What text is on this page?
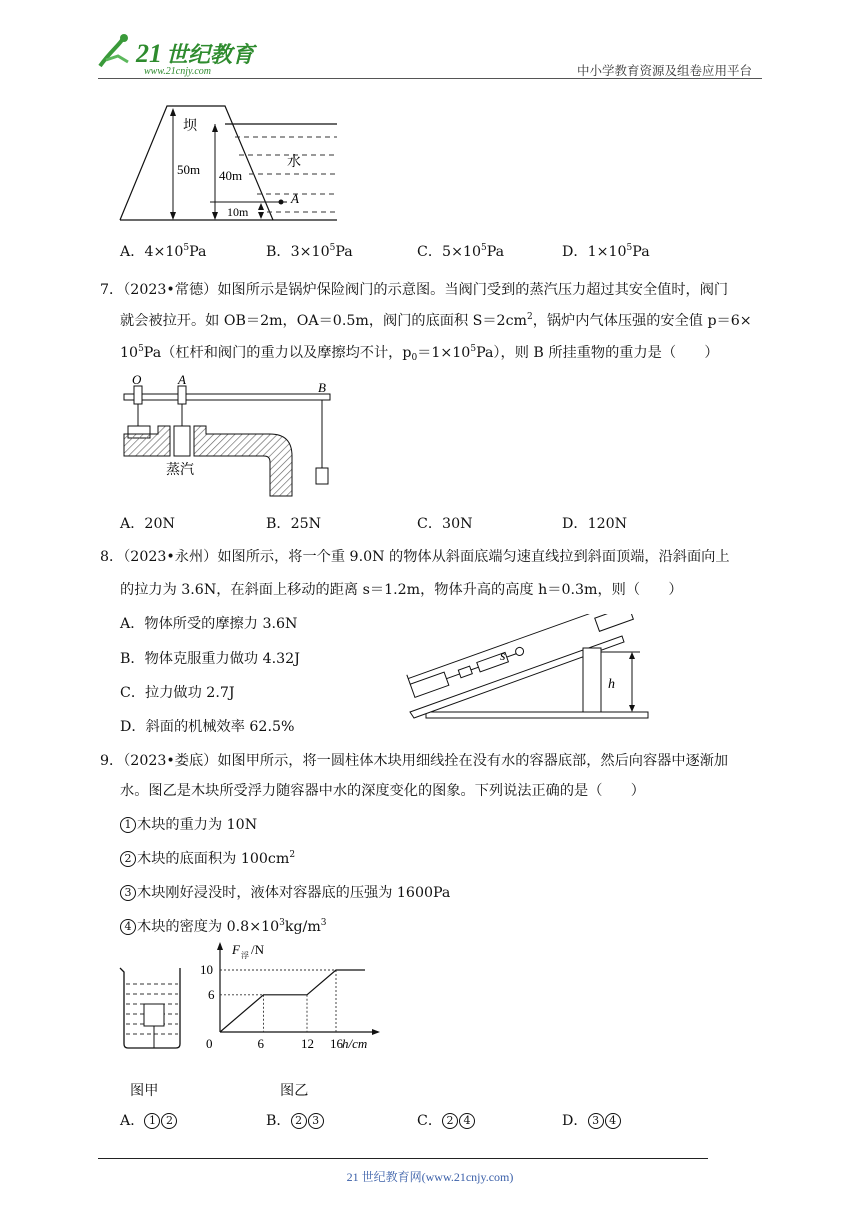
21 世纪教育
www.21cnjy.com	中小学教育资源及组卷应用平台
坝
水
50m 40m
10m
A
A．$4\times 10^5Pa$	B．$3\times 10^5Pa$	C．$5\times 10^5Pa$	D．$1\times 10^5Pa$
7．（2023•常德）如图所示是锅炉保险阀门的示意图。当阀门受到的蒸汽压力超过其安全值时，阀门
就会被拉开。如 OB＝2m，OA＝0.5m，阀门的底面积 $S=2cm^2$，锅炉内气体压强的安全值 p＝6×
$10^5Pa$（杠杆和阀门的重力以及摩擦均不计，$p_0=1\times 10^5Pa$），则 B 所挂重物的重力是（　　）
O	A
B
蒸汽
A．20N	B．25N	C．30N	D．120N
8．（2023•永州）如图所示，将一个重 9.0N 的物体从斜面底端匀速直线拉到斜面顶端，沿斜面向上
的拉力为 3.6N，在斜面上移动的距离 s＝1.2m，物体升高的高度 h＝0.3m，则（　　）
A．物体所受的摩擦力 3.6N
B．物体克服重力做功 4.32J
C．拉力做功 2.7J
D．斜面的机械效率 62.5%
h
s
9．（2023•娄底）如图甲所示，将一圆柱体木块用细线拴在没有水的容器底部，然后向容器中逐渐加
水。图乙是木块所受浮力随容器中水的深度变化的图象。下列说法正确的是（　　）
1 木块的重力为 10N
2 木块的底面积为 $100cm^2$
3 木块刚好浸没时，液体对容器底的压强为 1600Pa
4 木块的密度为 $0.8\times 10^3kg/m^3$
图甲
0	6	12 16
6
10
F 浮 /N
h/cm
图乙
A． 1 2	B． 2 3	C． 2 4	D． 3 4
21 世纪教育网(www.21cnjy.com)
